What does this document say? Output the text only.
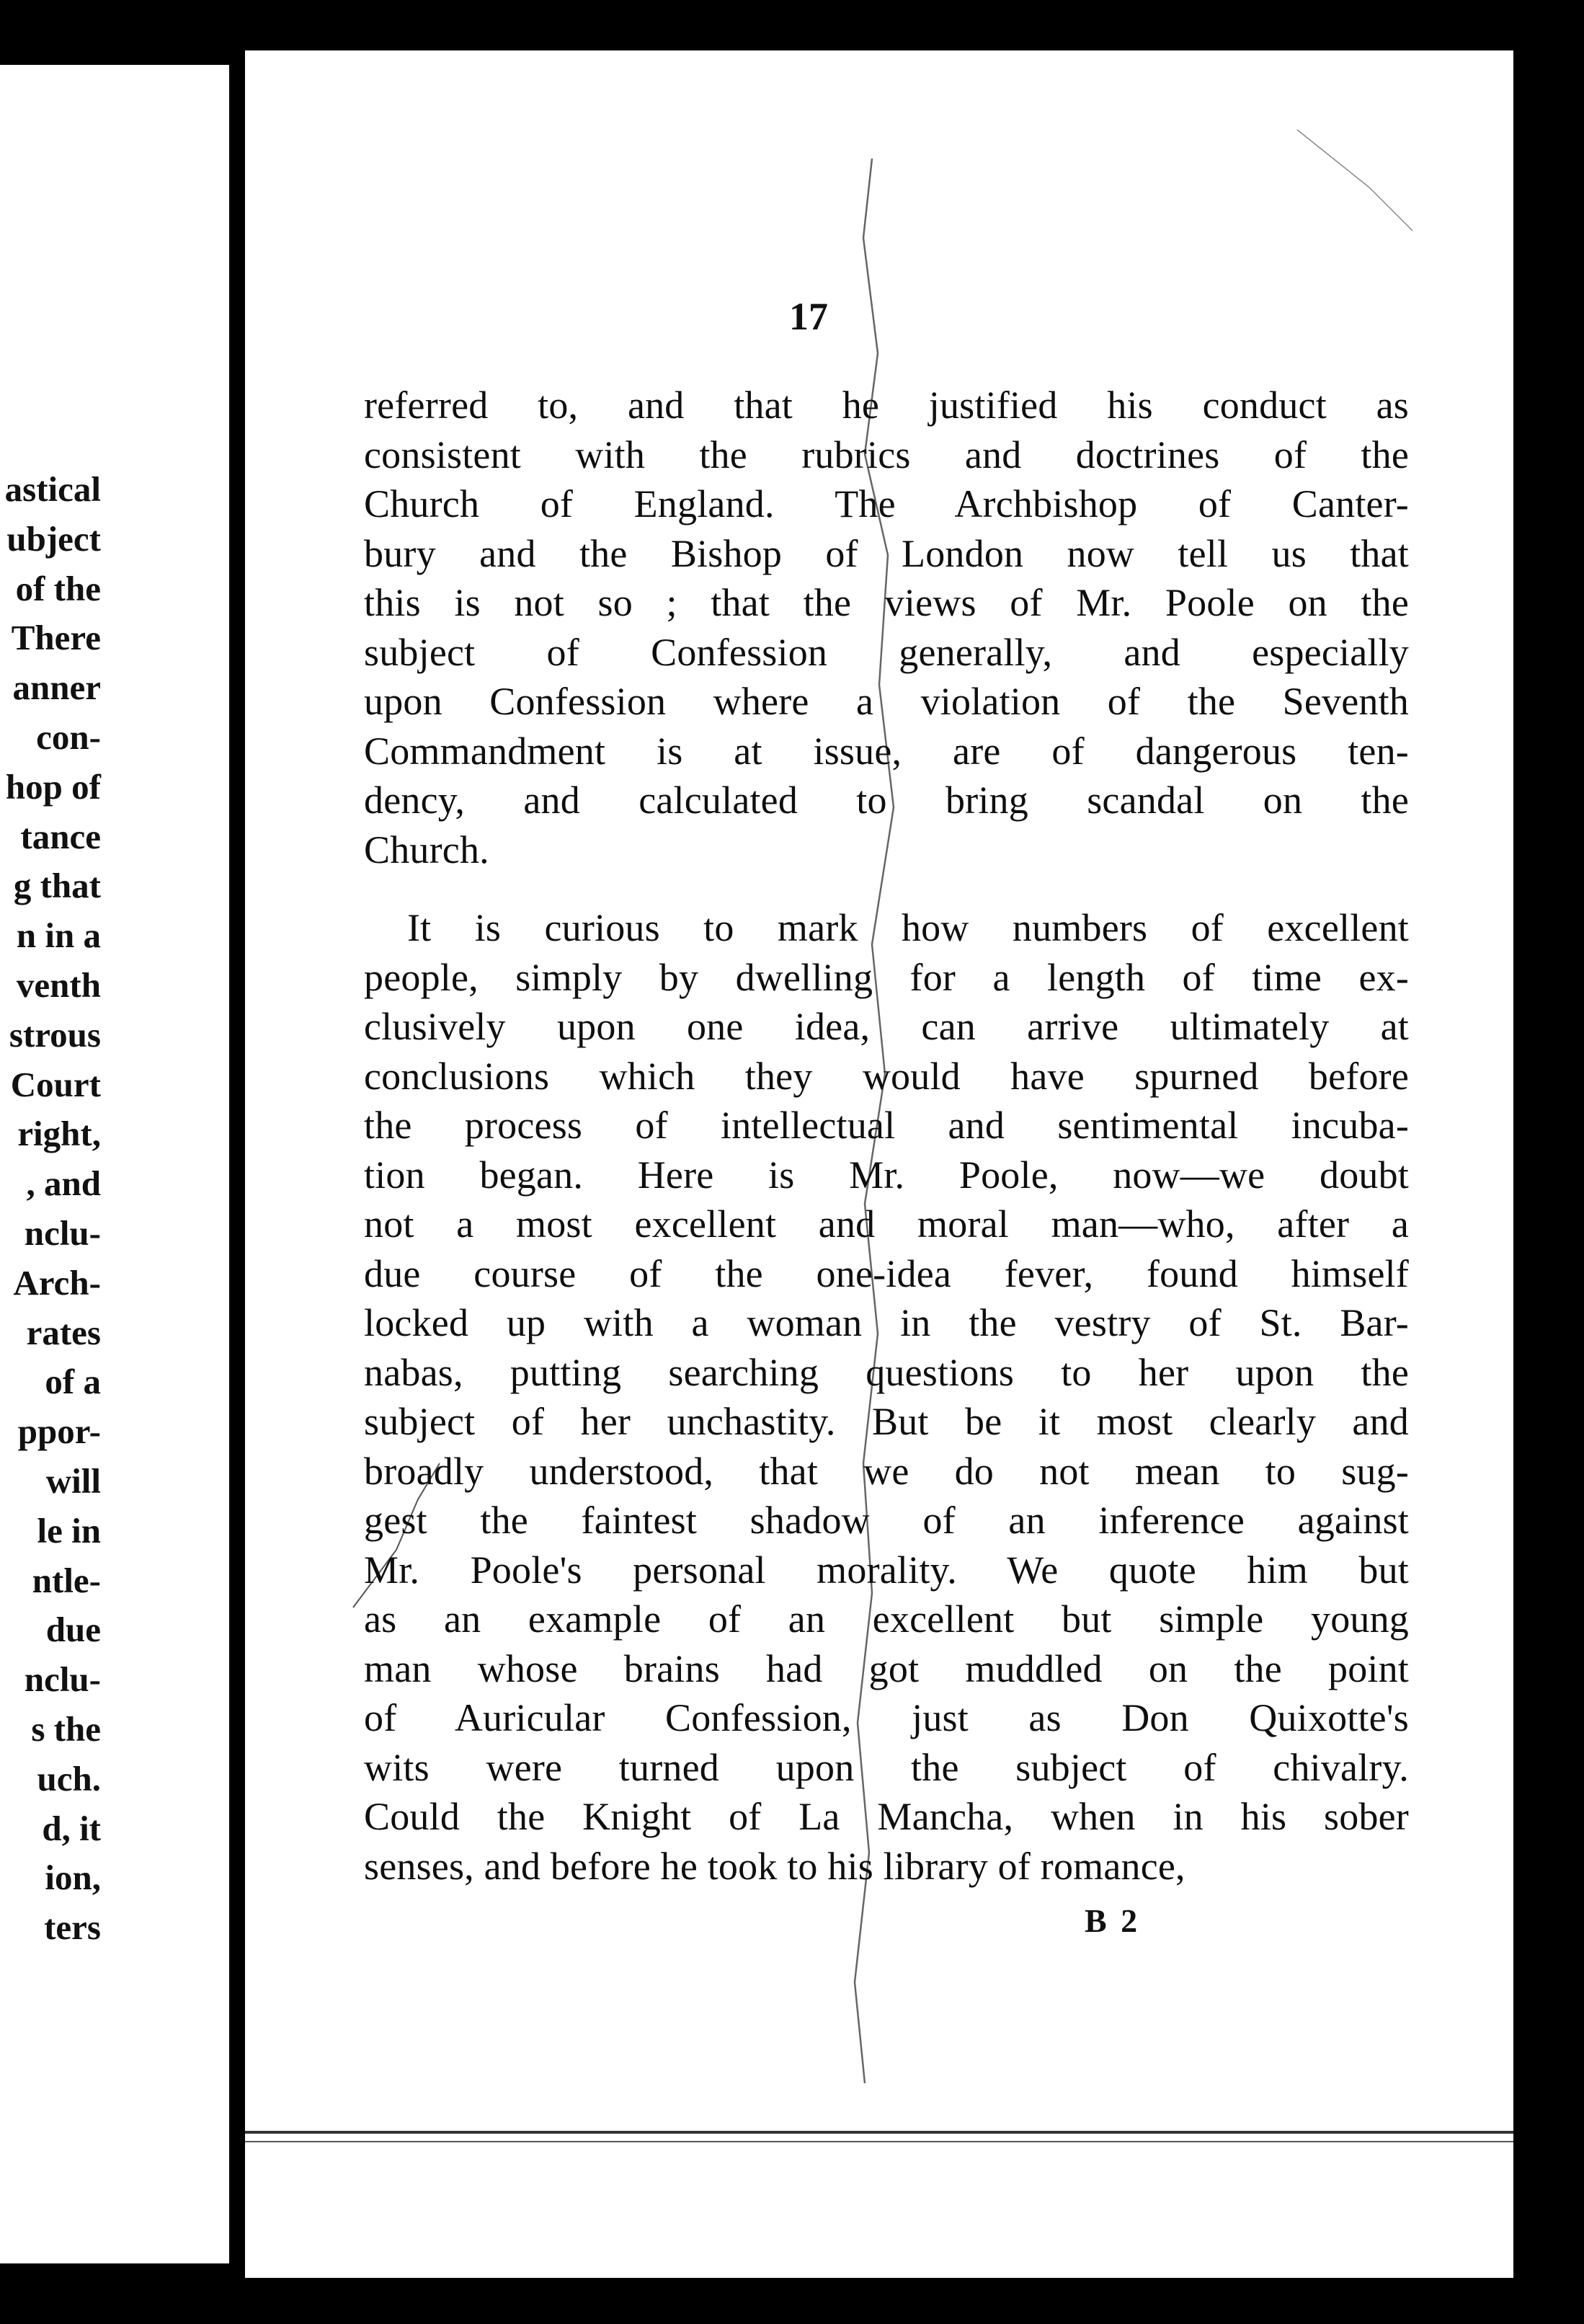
astical
ubject
of the
There
anner
con-
hop of
tance
g that
n in a
venth
strous
Court
right,
, and
nclu-
Arch-
rates
of a
ppor-
will
le in
ntle-
due
nclu-
s the
uch.
d, it
ion,
ters
17
referred to, and that he justified his conduct as
consistent with the rubrics and doctrines of the
Church of England. The Archbishop of Canter-
bury and the Bishop of London now tell us that
this is not so ; that the views of Mr. Poole on the
subject of Confession generally, and especially
upon Confession where a violation of the Seventh
Commandment is at issue, are of dangerous ten-
dency, and calculated to bring scandal on the
Church.
It is curious to mark how numbers of excellent
people, simply by dwelling for a length of time ex-
clusively upon one idea, can arrive ultimately at
conclusions which they would have spurned before
the process of intellectual and sentimental incuba-
tion began. Here is Mr. Poole, now—we doubt
not a most excellent and moral man—who, after a
due course of the one-idea fever, found himself
locked up with a woman in the vestry of St. Bar-
nabas, putting searching questions to her upon the
subject of her unchastity. But be it most clearly and
broadly understood, that we do not mean to sug-
gest the faintest shadow of an inference against
Mr. Poole's personal morality. We quote him but
as an example of an excellent but simple young
man whose brains had got muddled on the point
of Auricular Confession, just as Don Quixotte's
wits were turned upon the subject of chivalry.
Could the Knight of La Mancha, when in his sober
senses, and before he took to his library of romance,
B 2
